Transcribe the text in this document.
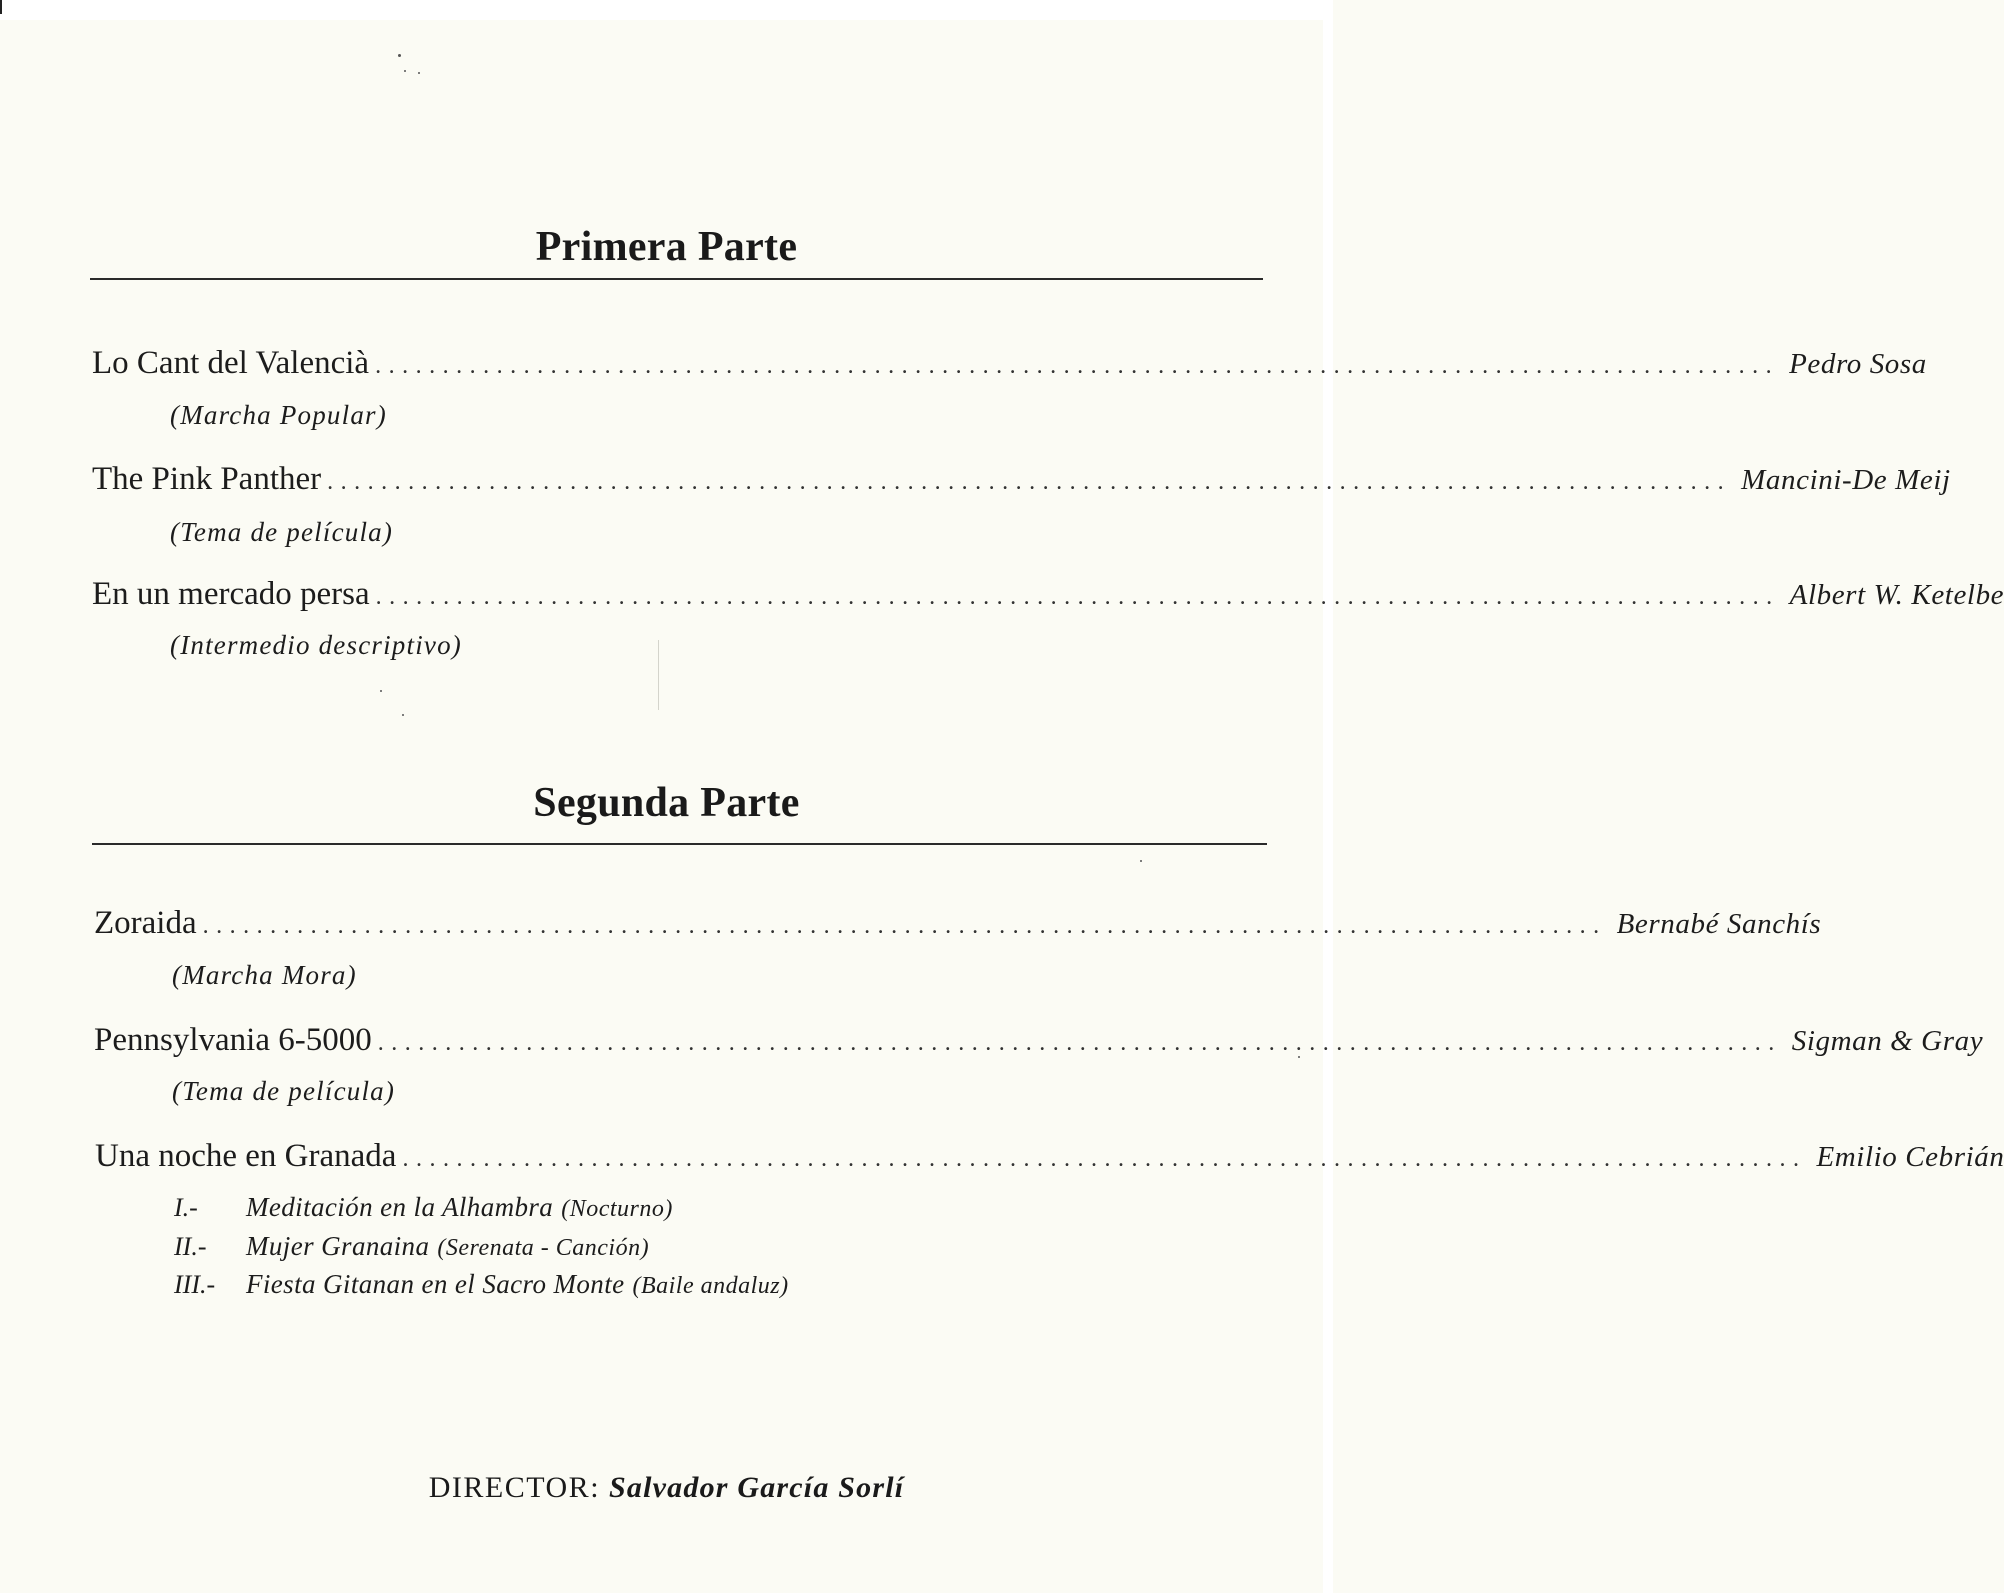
Primera Parte
Lo Cant del Valencià ........................................................................................................ Pedro Sosa
(Marcha Popular)
The Pink Panther ........................................................................................................ Mancini-De Meij
(Tema de película)
En un mercado persa ........................................................................................................ Albert W. Ketelbe
(Intermedio descriptivo)
Segunda Parte
Zoraida ........................................................................................................ Bernabé Sanchís
(Marcha Mora)
Pennsylvania 6-5000 ........................................................................................................ Sigman & Gray
(Tema de película)
Una noche en Granada ........................................................................................................ Emilio Cebrián
I.-	Meditación en la Alhambra (Nocturno)
II.-	Mujer Granaina (Serenata - Canción)
III.-	Fiesta Gitanan en el Sacro Monte (Baile andaluz)
DIRECTOR: Salvador García Sorlí
